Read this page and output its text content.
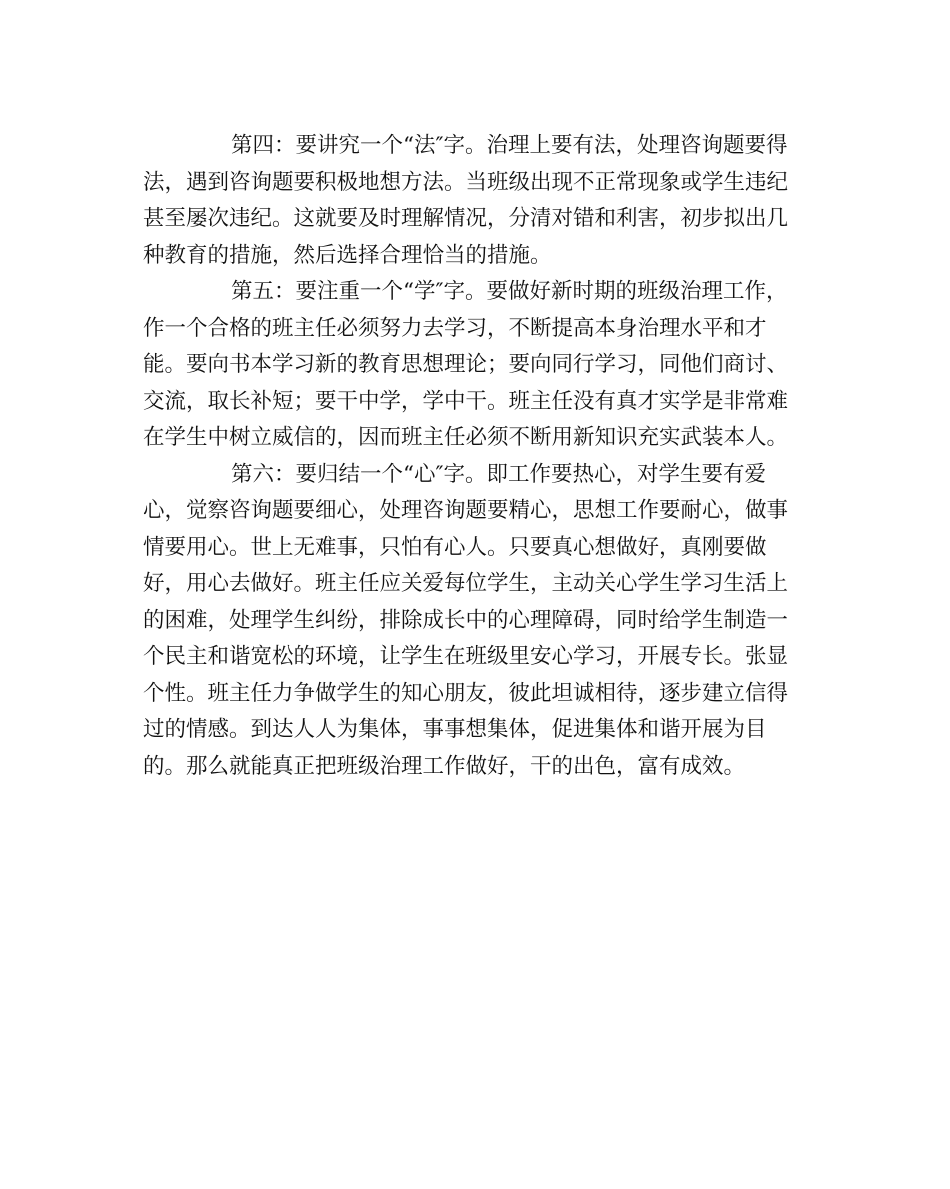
第四：要讲究一个“法″字。治理上要有法，处理咨询题要得
法，遇到咨询题要积极地想方法。当班级出现不正常现象或学生违纪
甚至屡次违纪。这就要及时理解情况，分清对错和利害，初步拟出几
种教育的措施，然后选择合理恰当的措施。
第五：要注重一个“学″字。要做好新时期的班级治理工作，
作一个合格的班主任必须努力去学习，不断提高本身治理水平和才
能。要向书本学习新的教育思想理论；要向同行学习，同他们商讨、
交流，取长补短；要干中学，学中干。班主任没有真才实学是非常难
在学生中树立威信的，因而班主任必须不断用新知识充实武装本人。
第六：要归结一个“心″字。即工作要热心，对学生要有爱
心，觉察咨询题要细心，处理咨询题要精心，思想工作要耐心，做事
情要用心。世上无难事，只怕有心人。只要真心想做好，真刚要做
好，用心去做好。班主任应关爱每位学生，主动关心学生学习生活上
的困难，处理学生纠纷，排除成长中的心理障碍，同时给学生制造一
个民主和谐宽松的环境，让学生在班级里安心学习，开展专长。张显
个性。班主任力争做学生的知心朋友，彼此坦诚相待，逐步建立信得
过的情感。到达人人为集体，事事想集体，促进集体和谐开展为目
的。那么就能真正把班级治理工作做好，干的出色，富有成效。
